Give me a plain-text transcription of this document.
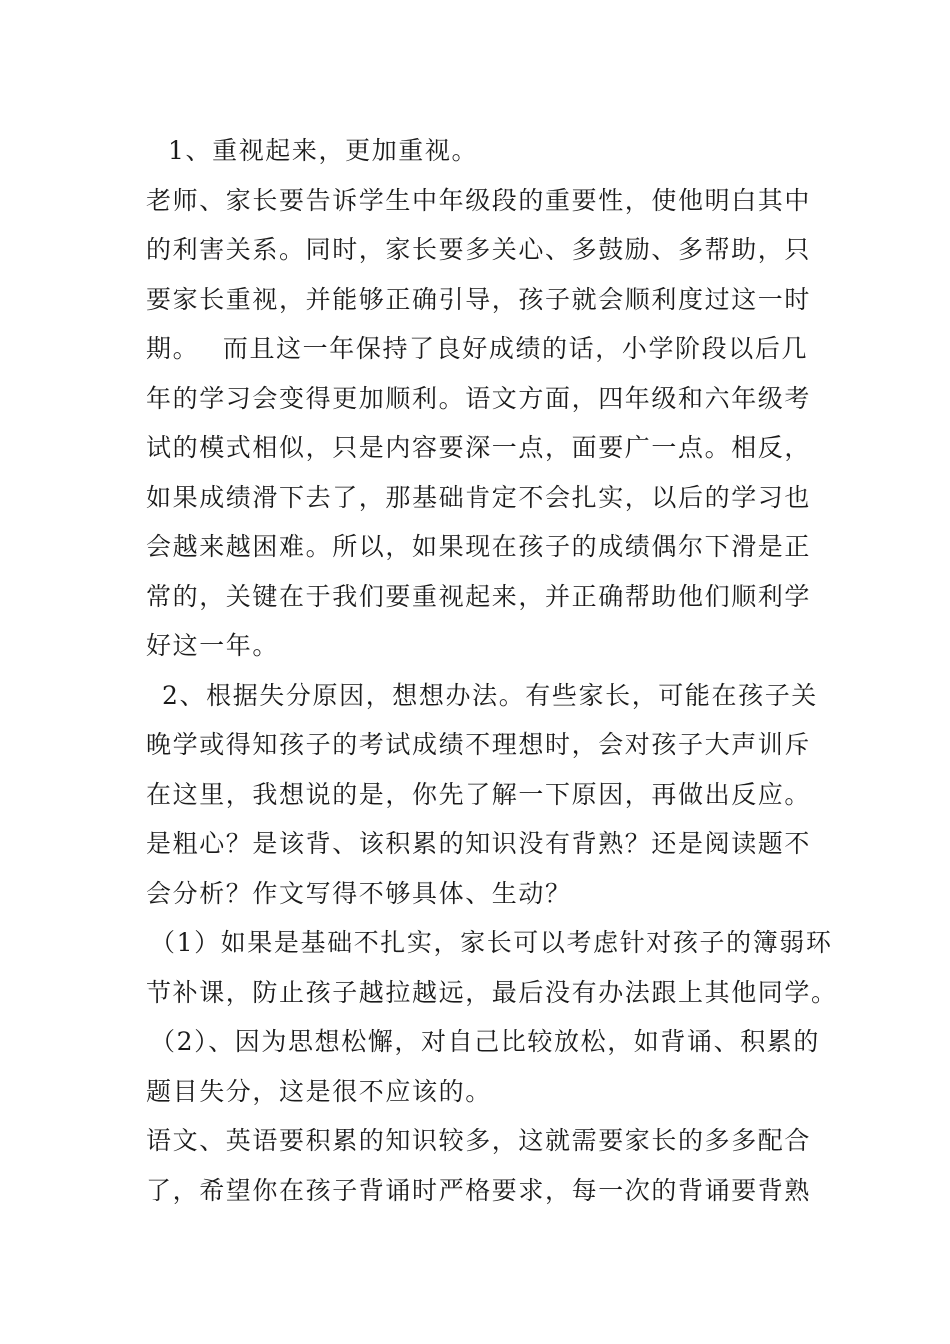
1、重视起来，更加重视。
老师、家长要告诉学生中年级段的重要性，使他明白其中
的利害关系。同时，家长要多关心、多鼓励、多帮助，只
要家长重视，并能够正确引导，孩子就会顺利度过这一时
期。　 而且这一年保持了良好成绩的话，小学阶段以后几
年的学习会变得更加顺利。语文方面，四年级和六年级考
试的模式相似，只是内容要深一点，面要广一点。相反，
如果成绩滑下去了，那基础肯定不会扎实，以后的学习也
会越来越困难。所以，如果现在孩子的成绩偶尔下滑是正
常的，关键在于我们要重视起来，并正确帮助他们顺利学
好这一年。
2、根据失分原因，想想办法。有些家长，可能在孩子关
晚学或得知孩子的考试成绩不理想时，会对孩子大声训斥
在这里，我想说的是，你先了解一下原因，再做出反应。
是粗心？是该背、该积累的知识没有背熟？还是阅读题不
会分析？作文写得不够具体、生动？
（1）如果是基础不扎实，家长可以考虑针对孩子的簿弱环
节补课，防止孩子越拉越远，最后没有办法跟上其他同学。
（2）、因为思想松懈，对自己比较放松，如背诵、积累的
题目失分，这是很不应该的。
语文、英语要积累的知识较多，这就需要家长的多多配合
了，希望你在孩子背诵时严格要求，每一次的背诵要背熟
